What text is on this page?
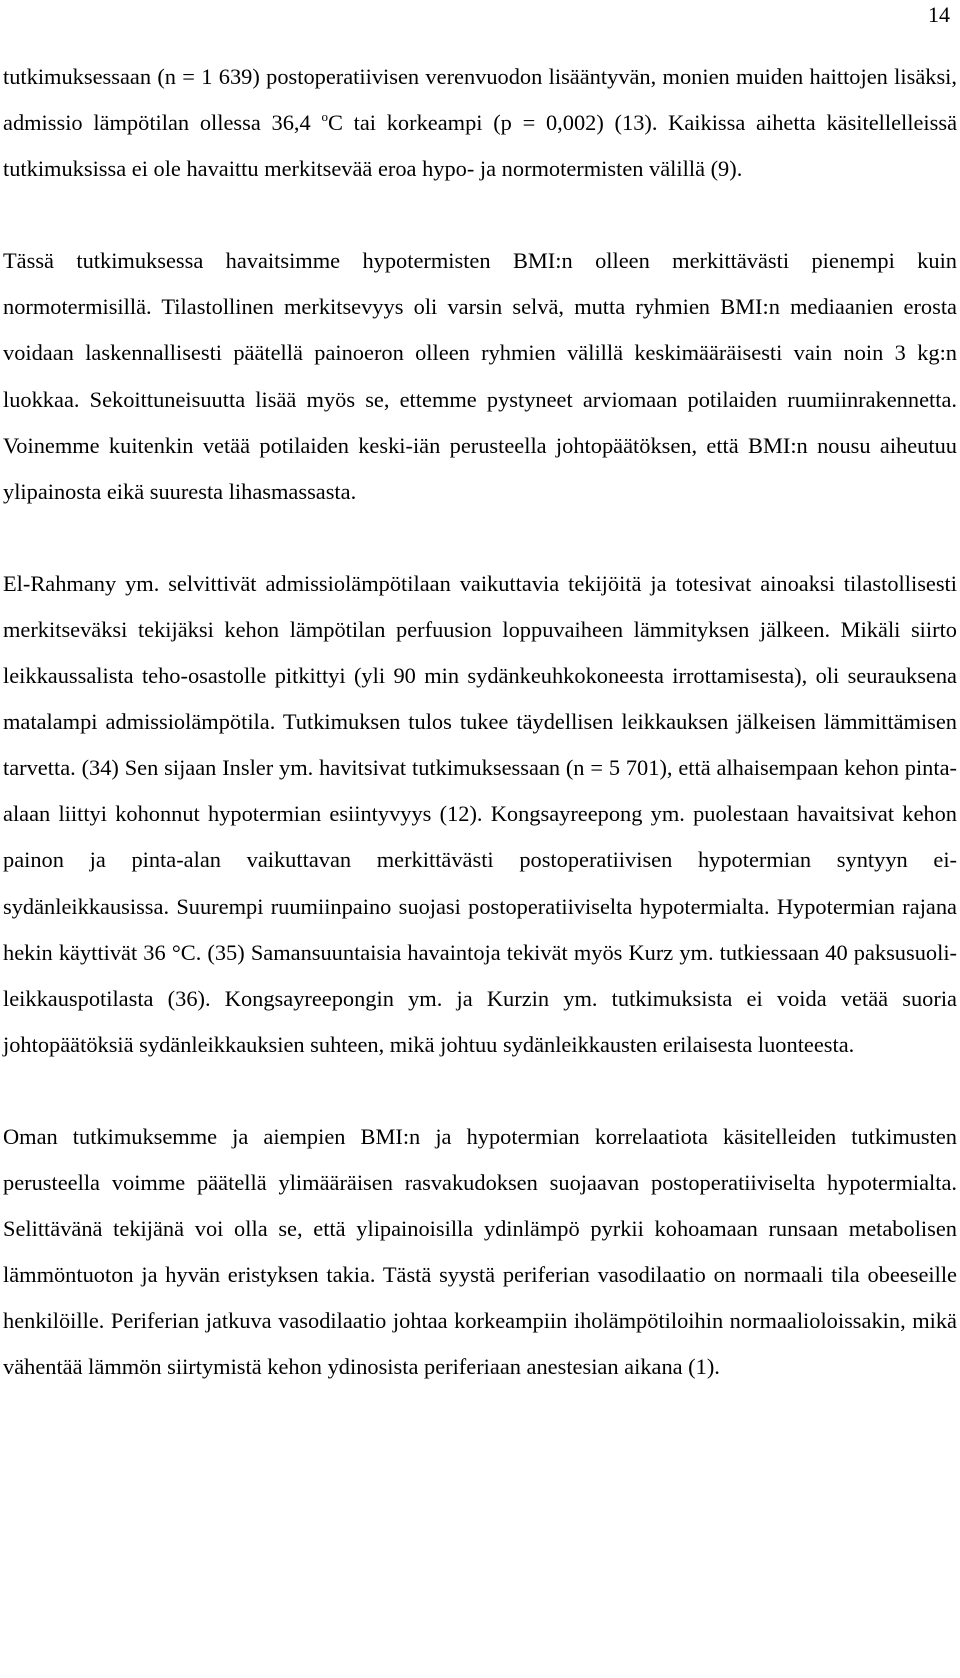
14

tutkimuksessaan (n = 1 639) postoperatiivisen verenvuodon lisääntyvän, monien muiden haittojen lisäksi, admissio lämpötilan ollessa 36,4 $^o$C tai korkeampi (p = 0,002) (13). Kaikissa aihetta käsitellelleissä tutkimuksissa ei ole havaittu merkitsevää eroa hypo- ja normotermisten välillä (9).

Tässä tutkimuksessa havaitsimme hypotermisten BMI:n olleen merkittävästi pienempi kuin normotermisillä. Tilastollinen merkitsevyys oli varsin selvä, mutta ryhmien BMI:n mediaanien erosta voidaan laskennallisesti päätellä painoeron olleen ryhmien välillä keskimääräisesti vain noin 3 kg:n luokkaa. Sekoittuneisuutta lisää myös se, ettemme pystyneet arviomaan potilaiden ruumiinrakennetta. Voinemme kuitenkin vetää potilaiden keski-iän perusteella johtopäätöksen, että BMI:n nousu aiheutuu ylipainosta eikä suuresta lihasmassasta.

El-Rahmany ym. selvittivät admissiolämpötilaan vaikuttavia tekijöitä ja totesivat ainoaksi tilastollisesti merkitseväksi tekijäksi kehon lämpötilan perfuusion loppuvaiheen lämmityksen jälkeen. Mikäli siirto leikkaussalista teho-osastolle pitkittyi (yli 90 min sydänkeuhkokoneesta irrottamisesta), oli seurauksena matalampi admissiolämpötila. Tutkimuksen tulos tukee täydellisen leikkauksen jälkeisen lämmittämisen tarvetta. (34) Sen sijaan Insler ym. havitsivat tutkimuksessaan (n = 5 701), että alhaisempaan kehon pinta-alaan liittyi kohonnut hypotermian esiintyvyys (12). Kongsayreepong ym. puolestaan havaitsivat kehon painon ja pinta-alan vaikuttavan merkittävästi postoperatiivisen hypotermian syntyyn ei-sydänleikkausissa. Suurempi ruumiinpaino suojasi postoperatiiviselta hypotermialta. Hypotermian rajana hekin käyttivät 36 °C. (35) Samansuuntaisia havaintoja tekivät myös Kurz ym. tutkiessaan 40 paksusuoli-leikkauspotilasta (36). Kongsayreepongin ym. ja Kurzin ym. tutkimuksista ei voida vetää suoria johtopäätöksiä sydänleikkauksien suhteen, mikä johtuu sydänleikkausten erilaisesta luonteesta.

Oman tutkimuksemme ja aiempien BMI:n ja hypotermian korrelaatiota käsitelleiden tutkimusten perusteella voimme päätellä ylimääräisen rasvakudoksen suojaavan postoperatiiviselta hypotermialta. Selittävänä tekijänä voi olla se, että ylipainoisilla ydinlämpö pyrkii kohoamaan runsaan metabolisen lämmöntuoton ja hyvän eristyksen takia. Tästä syystä periferian vasodilaatio on normaali tila obeeseille henkilöille. Periferian jatkuva vasodilaatio johtaa korkeampiin iholämpötiloihin normaalioloissakin, mikä vähentää lämmön siirtymistä kehon ydinosista periferiaan anestesian aikana (1).
